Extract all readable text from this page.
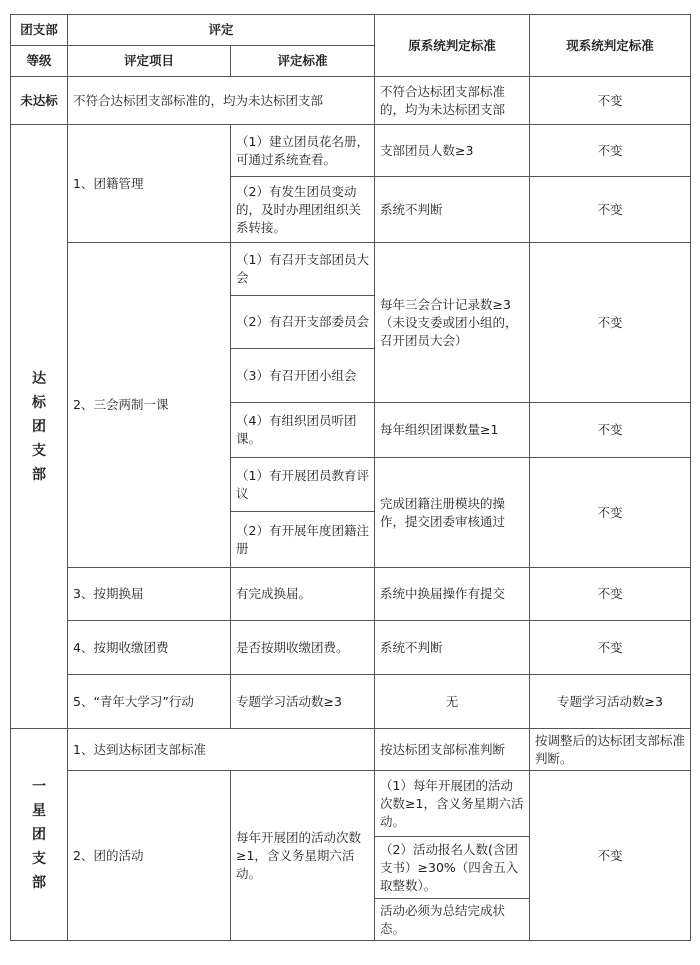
团支部	评定		原系统判定标准	现系统判定标准
等级	评定项目	评定标准		
未达标	不符合达标团支部标准的，均为未达标团支部		不符合达标团支部标准的，均为未达标团支部	不变

达
标
团
支
部	1、团籍管理	（1）建立团员花名册，可通过系统查看。	支部团员人数≥3	不变
		（2）有发生团员变动的，及时办理团组织关系转接。	系统不判断	不变
	2、三会两制一课	（1）有召开支部团员大会	每年三会合计记录数≥3（未设支委或团小组的，召开团员大会）	不变
		（2）有召开支部委员会		
		（3）有召开团小组会		
		（4）有组织团员听团课。	每年组织团课数量≥1	不变
		（1）有开展团员教育评议	完成团籍注册模块的操作，提交团委审核通过	不变
		（2）有开展年度团籍注册		
	3、按期换届	有完成换届。	系统中换届操作有提交	不变
	4、按期收缴团费	是否按期收缴团费。	系统不判断	不变
	5、“青年大学习”行动	专题学习活动数≥3	无	专题学习活动数≥3

一
星
团
支
部	1、达到达标团支部标准		按达标团支部标准判断	按调整后的达标团支部标准判断。
	2、团的活动	每年开展团的活动次数≥1，含义务星期六活动。	（1）每年开展团的活动次数≥1，含义务星期六活动。	不变
			（2）活动报名人数(含团支书）≥30%（四舍五入取整数）。	
			活动必须为总结完成状态。	
